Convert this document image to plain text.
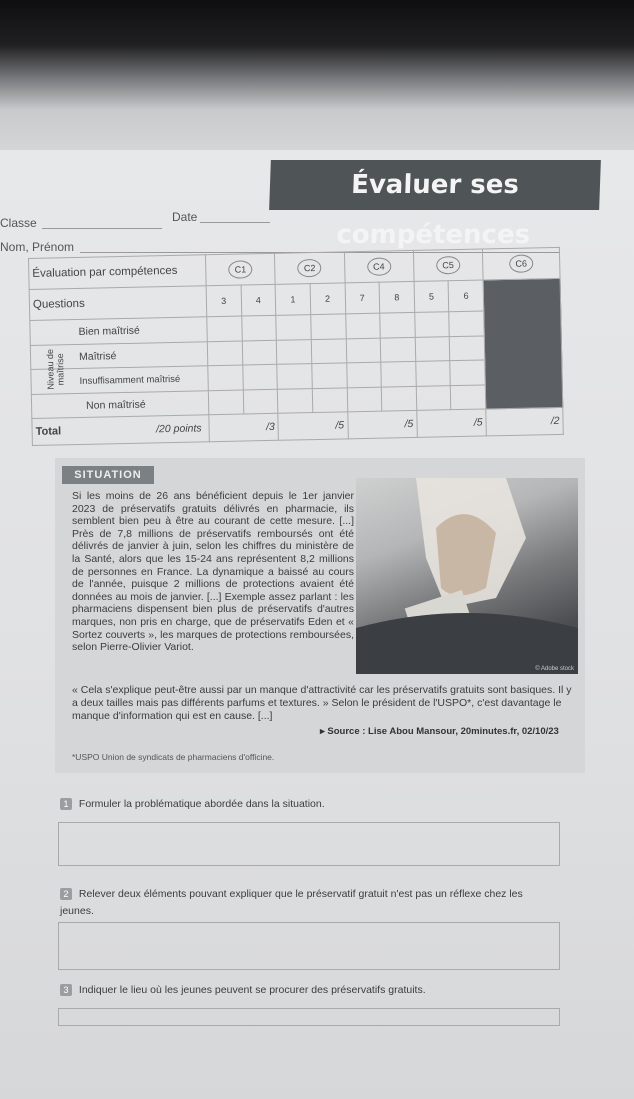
Classe	Date
Évaluer ses compétences
Nom, Prénom
Évaluation par compétences	C1		C2		C4		C5		C6
Questions	3	4	1	2	7	8	5	6	
Bien maîtrisé
Niveau de maîtrise									

Maîtrisé									
Insuffisamment maîtrisé									
Non maîtrisé									
Total /20 points	/3		/5		/5		/5		/2
SITUATION
Si les moins de 26 ans bénéficient depuis le 1er janvier 2023 de préservatifs gratuits délivrés en pharmacie, ils semblent bien peu à être au courant de cette mesure. [...] Près de 7,8 millions de préservatifs remboursés ont été délivrés de janvier à juin, selon les chiffres du ministère de la Santé, alors que les 15-24 ans représentent 8,2 millions de personnes en France. La dynamique a baissé au cours de l'année, puisque 2 millions de protections avaient été données au mois de janvier. [...] Exemple assez parlant : les pharmaciens dispensent bien plus de préservatifs d'autres marques, non pris en charge, que de préservatifs Eden et « Sortez couverts », les marques de protections remboursées, selon Pierre-Olivier Variot.
© Adobe stock
« Cela s'explique peut-être aussi par un manque d'attractivité car les préservatifs gratuits sont basiques. Il y a deux tailles mais pas différents parfums et textures. » Selon le président de l'USPO*, c'est davantage le manque d'information qui est en cause. [...]
▸ Source : Lise Abou Mansour, 20minutes.fr, 02/10/23
*USPO Union de syndicats de pharmaciens d'officine.
1 Formuler la problématique abordée dans la situation.
2 Relever deux éléments pouvant expliquer que le préservatif gratuit n'est pas un réflexe chez les jeunes.
3 Indiquer le lieu où les jeunes peuvent se procurer des préservatifs gratuits.
